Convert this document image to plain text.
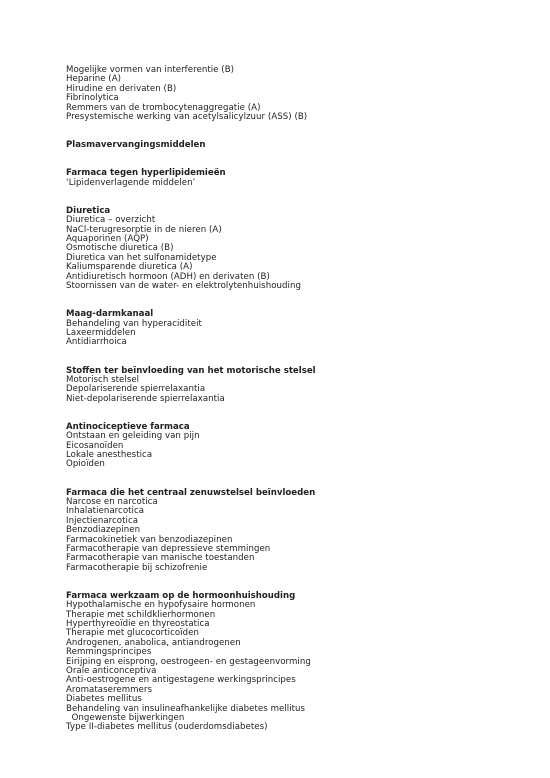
Mogelijke vormen van interferentie (B)
Heparine (A)
Hirudine en derivaten (B)
Fibrinolytica
Remmers van de trombocytenaggregatie (A)
Presystemische werking van acetylsalicylzuur (ASS) (B)
Plasmavervangingsmiddelen
Farmaca tegen hyperlipidemieën
‘Lipidenverlagende middelen’
Diuretica
Diuretica – overzicht
NaCl-terugresorptie in de nieren (A)
Aquaporinen (AQP)
Osmotische diuretica (B)
Diuretica van het sulfonamidetype
Kaliumsparende diuretica (A)
Antidiuretisch hormoon (ADH) en derivaten (B)
Stoornissen van de water- en elektrolytenhuishouding
Maag-darmkanaal
Behandeling van hyperaciditeit
Laxeermiddelen
Antidiarrhoica
Stoffen ter beïnvloeding van het motorische stelsel
Motorisch stelsel
Depolariserende spierrelaxantia
Niet-depolariserende spierrelaxantia
Antinociceptieve farmaca
Ontstaan en geleiding van pijn
Eicosanoïden
Lokale anesthestica
Opioïden
Farmaca die het centraal zenuwstelsel beïnvloeden
Narcose en narcotica
Inhalatienarcotica
Injectienarcotica
Benzodiazepinen
Farmacokinetiek van benzodiazepinen
Farmacotherapie van depressieve stemmingen
Farmacotherapie van manische toestanden
Farmacotherapie bij schizofrenie
Farmaca werkzaam op de hormoonhuishouding
Hypothalamische en hypofysaire hormonen
Therapie met schildklierhormonen
Hyperthyreoïdie en thyreostatica
Therapie met glucocorticoïden
Androgenen, anabolica, antiandrogenen
Remmingsprincipes
Eirijping en eisprong, oestrogeen- en gestageenvorming
Orale anticonceptiva
Anti-oestrogene en antigestagene werkingsprincipes
Aromataseremmers
Diabetes mellitus
Behandeling van insulineafhankelijke diabetes mellitus
Ongewenste bijwerkingen
Type II-diabetes mellitus (ouderdomsdiabetes)
